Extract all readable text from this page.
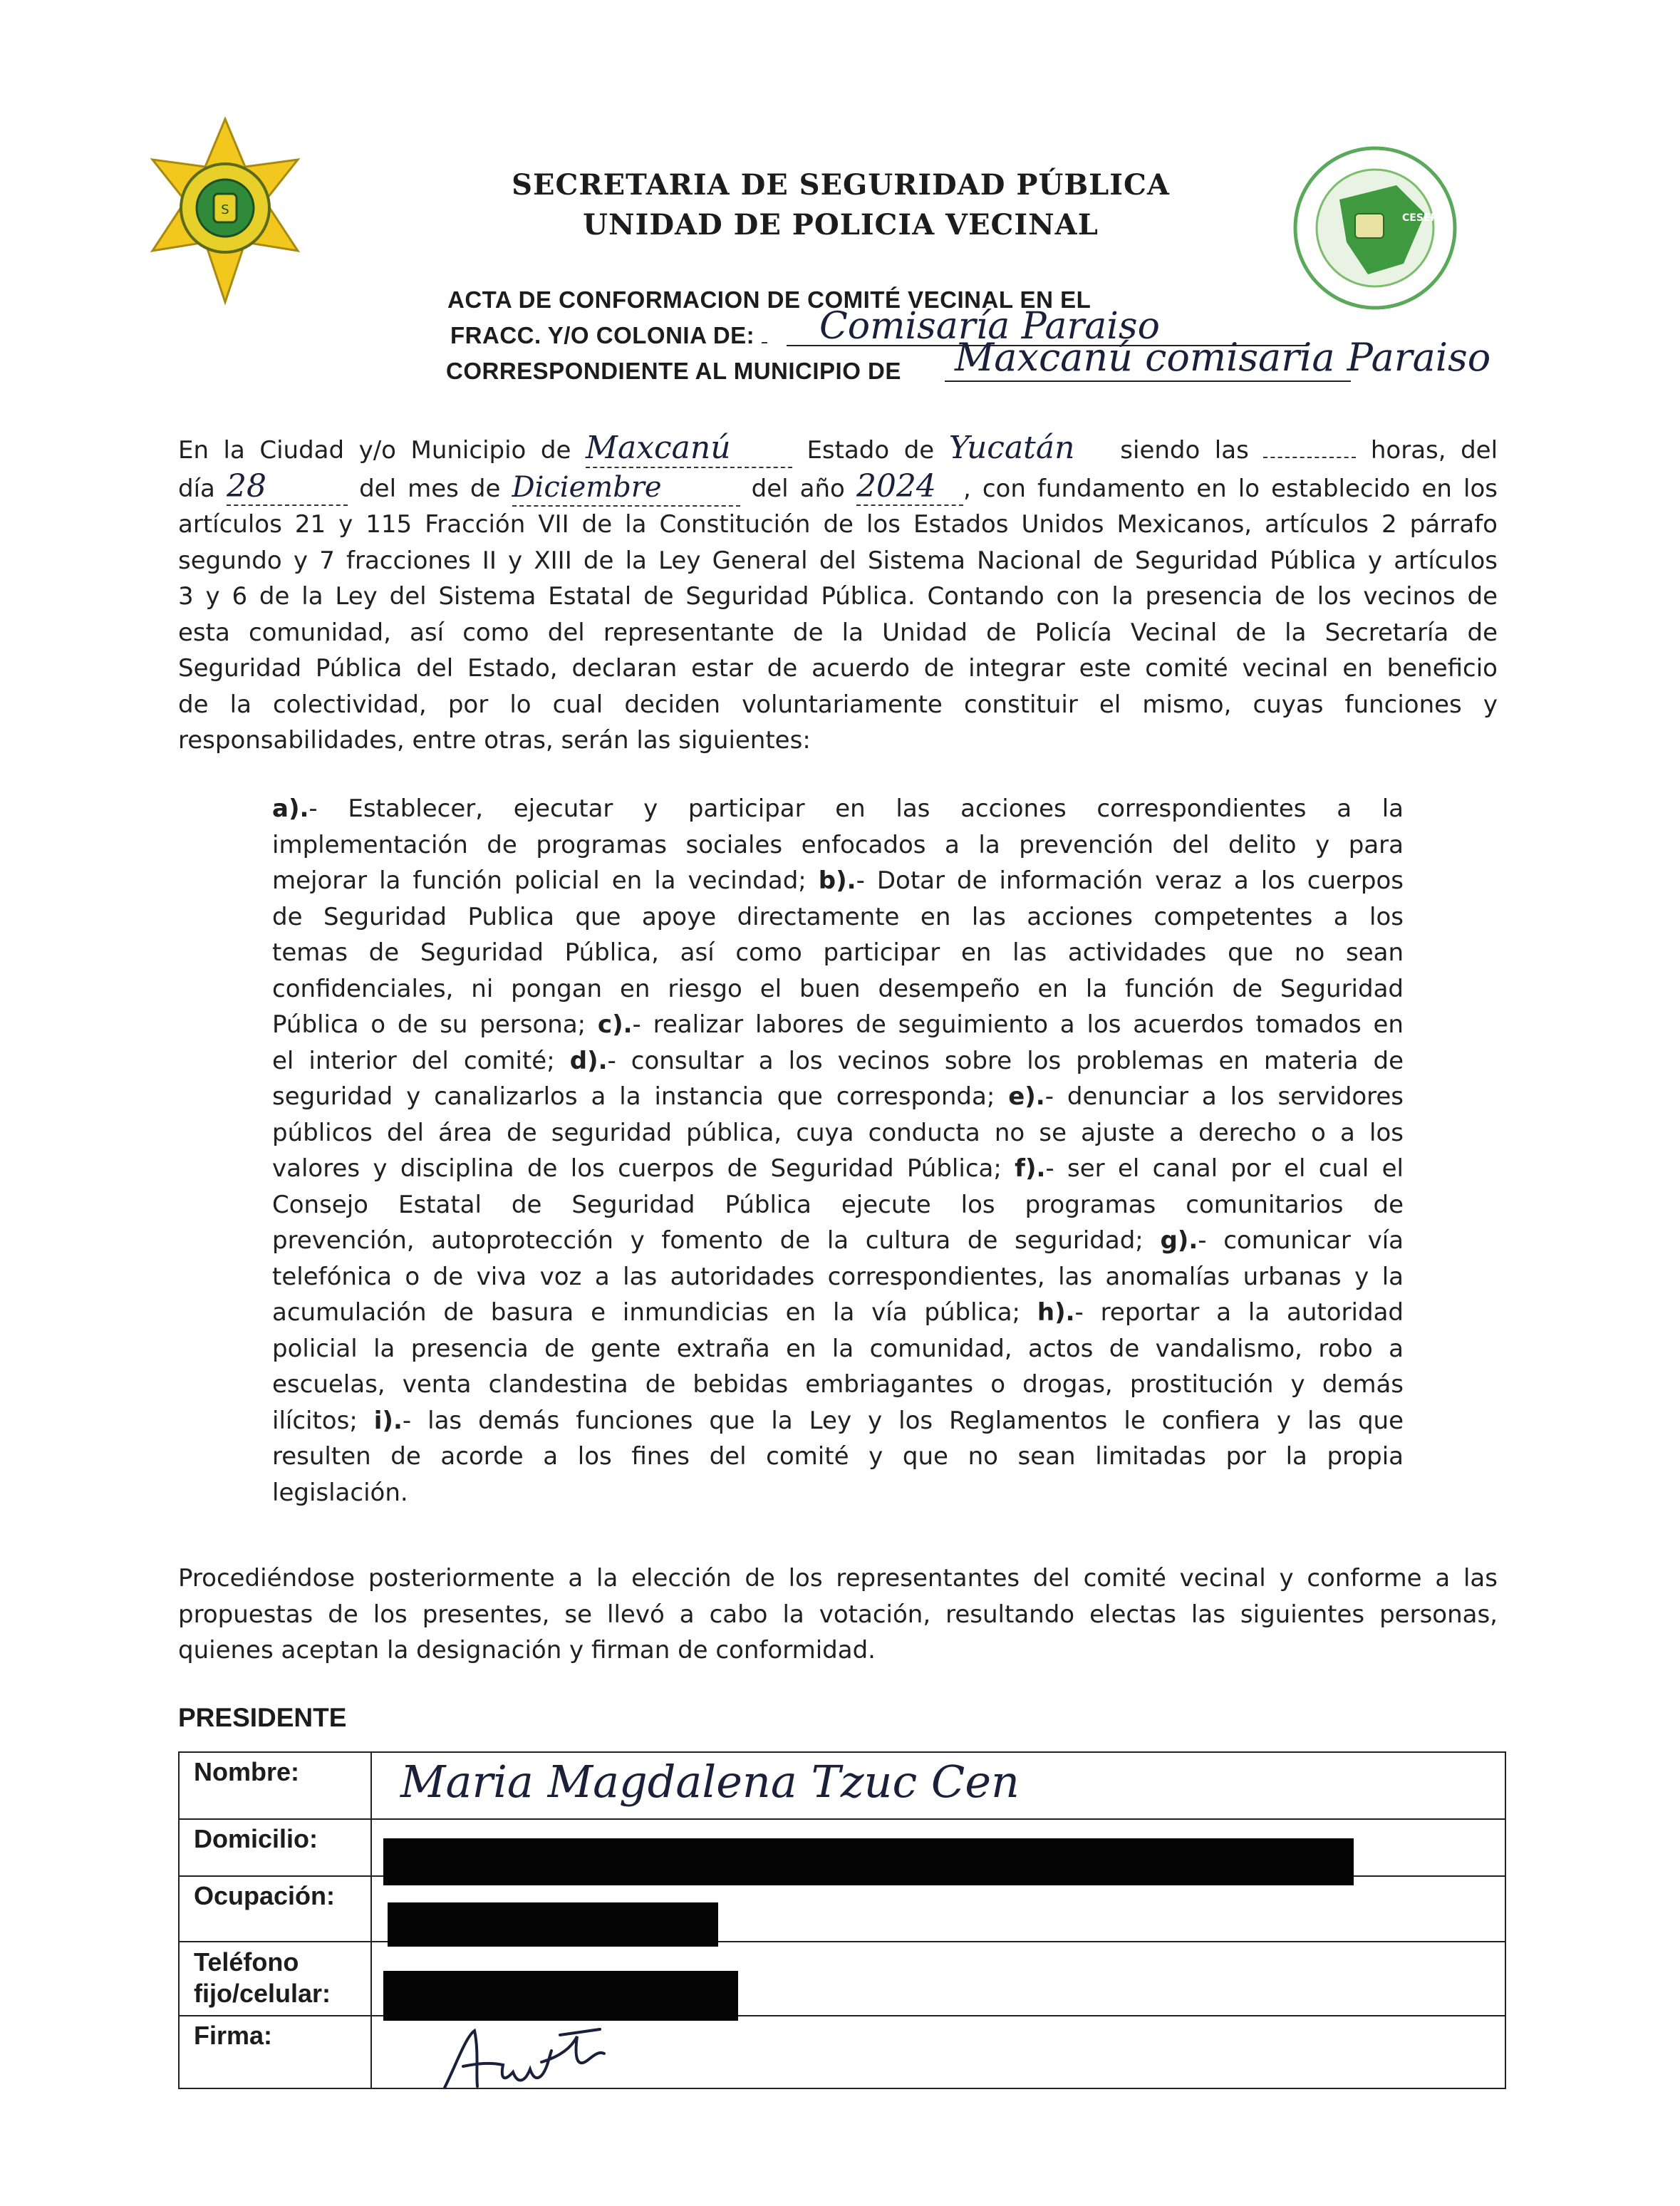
S
CESEP
SECRETARIA DE SEGURIDAD PÚBLICA
UNIDAD DE POLICIA VECINAL
ACTA DE CONFORMACION DE COMITÉ VECINAL EN EL
FRACC. Y/O COLONIA DE:	Comisaría Paraiso
CORRESPONDIENTE AL MUNICIPIO DE Maxcanú comisaria Paraiso
En la Ciudad y/o Municipio de Maxcanú	Estado de Yucatán siendo las	horas, del
día 28	del mes de Diciembre	del año 2024 , con fundamento en lo establecido en los
artículos 21 y 115 Fracción VII de la Constitución de los Estados Unidos Mexicanos, artículos 2 párrafo
segundo y 7 fracciones II y XIII de la Ley General del Sistema Nacional de Seguridad Pública y artículos
3 y 6 de la Ley del Sistema Estatal de Seguridad Pública. Contando con la presencia de los vecinos de
esta comunidad, así como del representante de la Unidad de Policía Vecinal de la Secretaría de
Seguridad Pública del Estado, declaran estar de acuerdo de integrar este comité vecinal en beneficio
de la colectividad, por lo cual deciden voluntariamente constituir el mismo, cuyas funciones y
responsabilidades, entre otras, serán las siguientes:
a).- Establecer, ejecutar y participar en las acciones correspondientes a la
implementación de programas sociales enfocados a la prevención del delito y para
mejorar la función policial en la vecindad; b).- Dotar de información veraz a los cuerpos
de Seguridad Publica que apoye directamente en las acciones competentes a los
temas de Seguridad Pública, así como participar en las actividades que no sean
confidenciales, ni pongan en riesgo el buen desempeño en la función de Seguridad
Pública o de su persona; c).- realizar labores de seguimiento a los acuerdos tomados en
el interior del comité; d).- consultar a los vecinos sobre los problemas en materia de
seguridad y canalizarlos a la instancia que corresponda; e).- denunciar a los servidores
públicos del área de seguridad pública, cuya conducta no se ajuste a derecho o a los
valores y disciplina de los cuerpos de Seguridad Pública; f).- ser el canal por el cual el
Consejo Estatal de Seguridad Pública ejecute los programas comunitarios de
prevención, autoprotección y fomento de la cultura de seguridad; g).- comunicar vía
telefónica o de viva voz a las autoridades correspondientes, las anomalías urbanas y la
acumulación de basura e inmundicias en la vía pública; h).- reportar a la autoridad
policial la presencia de gente extraña en la comunidad, actos de vandalismo, robo a
escuelas, venta clandestina de bebidas embriagantes o drogas, prostitución y demás
ilícitos; i).- las demás funciones que la Ley y los Reglamentos le confiera y las que
resulten de acorde a los fines del comité y que no sean limitadas por la propia
legislación.
Procediéndose posteriormente a la elección de los representantes del comité vecinal y conforme a las
propuestas de los presentes, se llevó a cabo la votación, resultando electas las siguientes personas,
quienes aceptan la designación y firman de conformidad.
PRESIDENTE
Nombre:	Maria Magdalena Tzuc Cen

Domicilio:	
Ocupación:	
Teléfono
fijo/celular:	
Firma:	
